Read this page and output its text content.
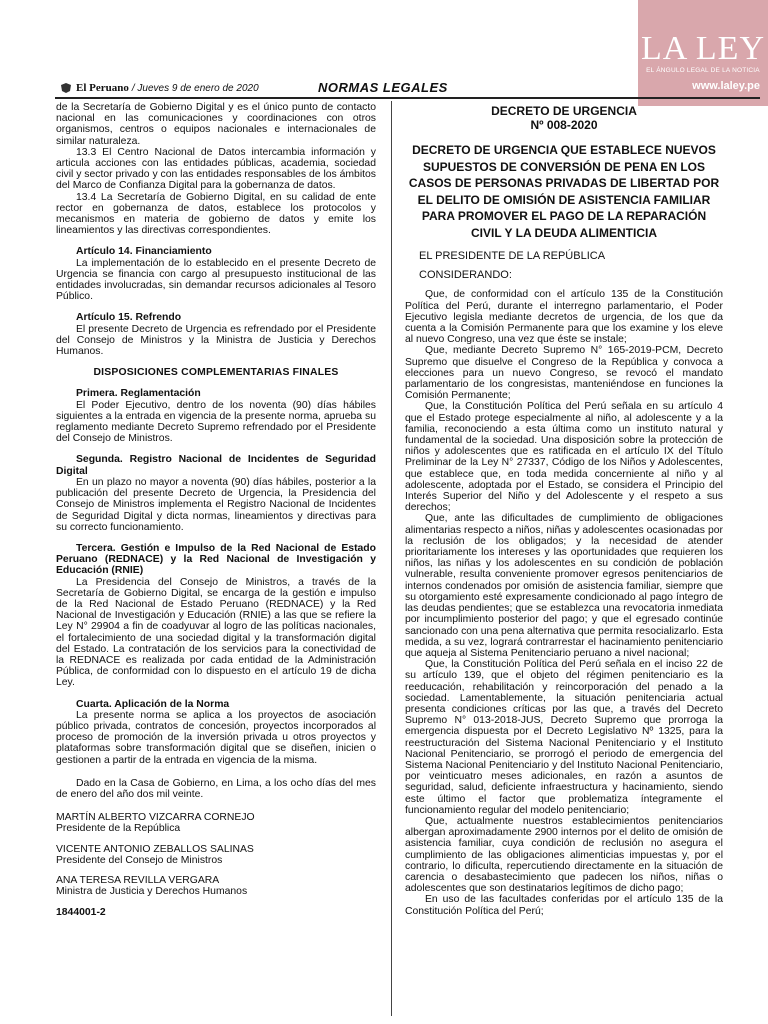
LA LEY
EL ÁNGULO LEGAL DE LA NOTICIA
www.laley.pe
El Peruano / Jueves 9 de enero de 2020	NORMAS LEGALES

de la Secretaría de Gobierno Digital y es el único punto de contacto nacional en las comunicaciones y coordinaciones con otros organismos, centros o equipos nacionales e internacionales de similar naturaleza.

13.3 El Centro Nacional de Datos intercambia información y articula acciones con las entidades públicas, academia, sociedad civil y sector privado y con las entidades responsables de los ámbitos del Marco de Confianza Digital para la gobernanza de datos.

13.4 La Secretaría de Gobierno Digital, en su calidad de ente rector en gobernanza de datos, establece los protocolos y mecanismos en materia de gobierno de datos y emite los lineamientos y las directivas correspondientes.

Artículo 14. Financiamiento

La implementación de lo establecido en el presente Decreto de Urgencia se financia con cargo al presupuesto institucional de las entidades involucradas, sin demandar recursos adicionales al Tesoro Público.

Artículo 15. Refrendo

El presente Decreto de Urgencia es refrendado por el Presidente del Consejo de Ministros y la Ministra de Justicia y Derechos Humanos.

DISPOSICIONES COMPLEMENTARIAS FINALES

Primera. Reglamentación

El Poder Ejecutivo, dentro de los noventa (90) días hábiles siguientes a la entrada en vigencia de la presente norma, aprueba su reglamento mediante Decreto Supremo refrendado por el Presidente del Consejo de Ministros.

Segunda. Registro Nacional de Incidentes de Seguridad Digital

En un plazo no mayor a noventa (90) días hábiles, posterior a la publicación del presente Decreto de Urgencia, la Presidencia del Consejo de Ministros implementa el Registro Nacional de Incidentes de Seguridad Digital y dicta normas, lineamientos y directivas para su correcto funcionamiento.

Tercera. Gestión e Impulso de la Red Nacional de Estado Peruano (REDNACE) y la Red Nacional de Investigación y Educación (RNIE)

La Presidencia del Consejo de Ministros, a través de la Secretaría de Gobierno Digital, se encarga de la gestión e impulso de la Red Nacional de Estado Peruano (REDNACE) y la Red Nacional de Investigación y Educación (RNIE) a las que se refiere la Ley N° 29904 a fin de coadyuvar al logro de las políticas nacionales, el fortalecimiento de una sociedad digital y la transformación digital del Estado. La contratación de los servicios para la conectividad de la REDNACE es realizada por cada entidad de la Administración Pública, de conformidad con lo dispuesto en el artículo 19 de dicha Ley.

Cuarta. Aplicación de la Norma

La presente norma se aplica a los proyectos de asociación público privada, contratos de concesión, proyectos incorporados al proceso de promoción de la inversión privada u otros proyectos y plataformas sobre transformación digital que se diseñen, inicien o gestionen a partir de la entrada en vigencia de la misma.

Dado en la Casa de Gobierno, en Lima, a los ocho días del mes de enero del año dos mil veinte.

MARTÍN ALBERTO VIZCARRA CORNEJO
Presidente de la República
VICENTE ANTONIO ZEBALLOS SALINAS
Presidente del Consejo de Ministros
ANA TERESA REVILLA VERGARA
Ministra de Justicia y Derechos Humanos

1844001-2

DECRETO DE URGENCIA
Nº 008-2020
DECRETO DE URGENCIA QUE ESTABLECE NUEVOS SUPUESTOS DE CONVERSIÓN DE PENA EN LOS CASOS DE PERSONAS PRIVADAS DE LIBERTAD POR EL DELITO DE OMISIÓN DE ASISTENCIA FAMILIAR PARA PROMOVER EL PAGO DE LA REPARACIÓN CIVIL Y LA DEUDA ALIMENTICIA

EL PRESIDENTE DE LA REPÚBLICA

CONSIDERANDO:

Que, de conformidad con el artículo 135 de la Constitución Política del Perú, durante el interregno parlamentario, el Poder Ejecutivo legisla mediante decretos de urgencia, de los que da cuenta a la Comisión Permanente para que los examine y los eleve al nuevo Congreso, una vez que éste se instale;

Que, mediante Decreto Supremo N° 165-2019-PCM, Decreto Supremo que disuelve el Congreso de la República y convoca a elecciones para un nuevo Congreso, se revocó el mandato parlamentario de los congresistas, manteniéndose en funciones la Comisión Permanente;

Que, la Constitución Política del Perú señala en su artículo 4 que el Estado protege especialmente al niño, al adolescente y a la familia, reconociendo a esta última como un instituto natural y fundamental de la sociedad. Una disposición sobre la protección de niños y adolescentes que es ratificada en el artículo IX del Título Preliminar de la Ley N° 27337, Código de los Niños y Adolescentes, que establece que, en toda medida concerniente al niño y al adolescente, adoptada por el Estado, se considera el Principio del Interés Superior del Niño y del Adolescente y el respeto a sus derechos;

Que, ante las dificultades de cumplimiento de obligaciones alimentarias respecto a niños, niñas y adolescentes ocasionadas por la reclusión de los obligados; y la necesidad de atender prioritariamente los intereses y las oportunidades que requieren los niños, las niñas y los adolescentes en su condición de población vulnerable, resulta conveniente promover egresos penitenciarios de internos condenados por omisión de asistencia familiar, siempre que su otorgamiento esté expresamente condicionado al pago íntegro de las deudas pendientes; que se establezca una revocatoria inmediata por incumplimiento posterior del pago; y que el egresado continúe sancionado con una pena alternativa que permita resocializarlo. Esta medida, a su vez, logrará contrarrestar el hacinamiento penitenciario que aqueja al Sistema Penitenciario peruano a nivel nacional;

Que, la Constitución Política del Perú señala en el inciso 22 de su artículo 139, que el objeto del régimen penitenciario es la reeducación, rehabilitación y reincorporación del penado a la sociedad. Lamentablemente, la situación penitenciaria actual presenta condiciones críticas por las que, a través del Decreto Supremo N° 013-2018-JUS, Decreto Supremo que prorroga la emergencia dispuesta por el Decreto Legislativo Nº 1325, para la reestructuración del Sistema Nacional Penitenciario y el Instituto Nacional Penitenciario, se prorrogó el periodo de emergencia del Sistema Nacional Penitenciario y del Instituto Nacional Penitenciario, por veinticuatro meses adicionales, en razón a asuntos de seguridad, salud, deficiente infraestructura y hacinamiento, siendo este último el factor que problematiza íntegramente el funcionamiento regular del modelo penitenciario;

Que, actualmente nuestros establecimientos penitenciarios albergan aproximadamente 2900 internos por el delito de omisión de asistencia familiar, cuya condición de reclusión no asegura el cumplimiento de las obligaciones alimenticias impuestas y, por el contrario, lo dificulta, repercutiendo directamente en la situación de carencia o desabastecimiento que padecen los niños, niñas o adolescentes que son destinatarios legítimos de dicho pago;

En uso de las facultades conferidas por el artículo 135 de la Constitución Política del Perú;
